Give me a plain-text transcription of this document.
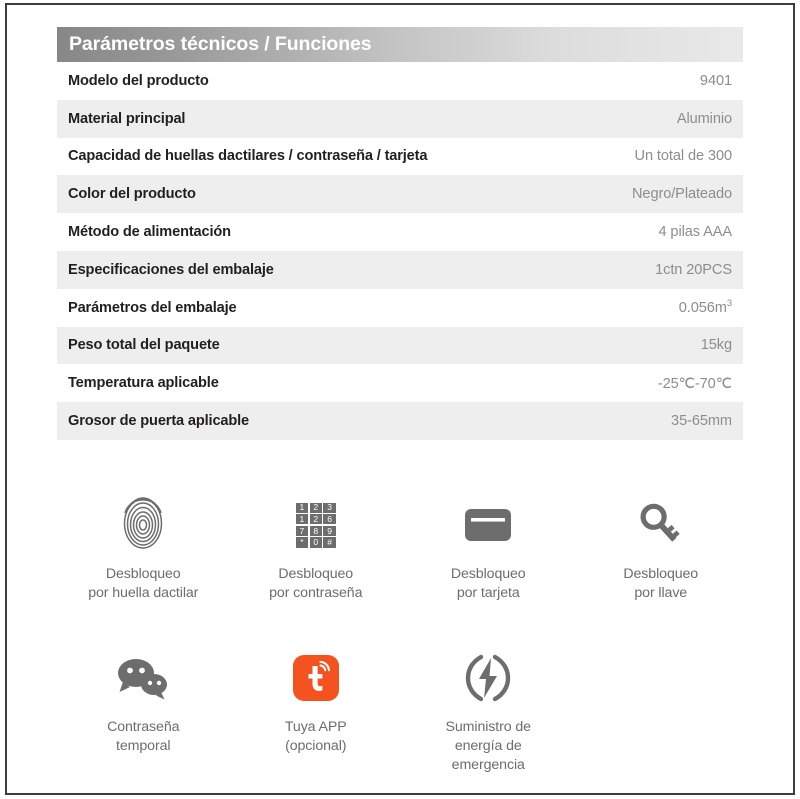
Parámetros técnicos / Funciones
Modelo del producto	9401
Material principal	Aluminio
Capacidad de huellas dactilares / contraseña / tarjeta	Un total de 300
Color del producto	Negro/Plateado
Método de alimentación	4 pilas AAA
Especificaciones del embalaje	1ctn 20PCS
Parámetros del embalaje	$0.056m^3$
Peso total del paquete	15kg
Temperatura aplicable	-25℃-70℃
Grosor de puerta aplicable	35-65mm
Desbloqueo
por huella dactilar
1	2	3
1	2	6
7	8	9
*	0	#
Desbloqueo
por contraseña
Desbloqueo
por tarjeta
Desbloqueo
por llave
Contraseña
temporal
Tuya APP
(opcional)
Suministro de
energía de
emergencia
